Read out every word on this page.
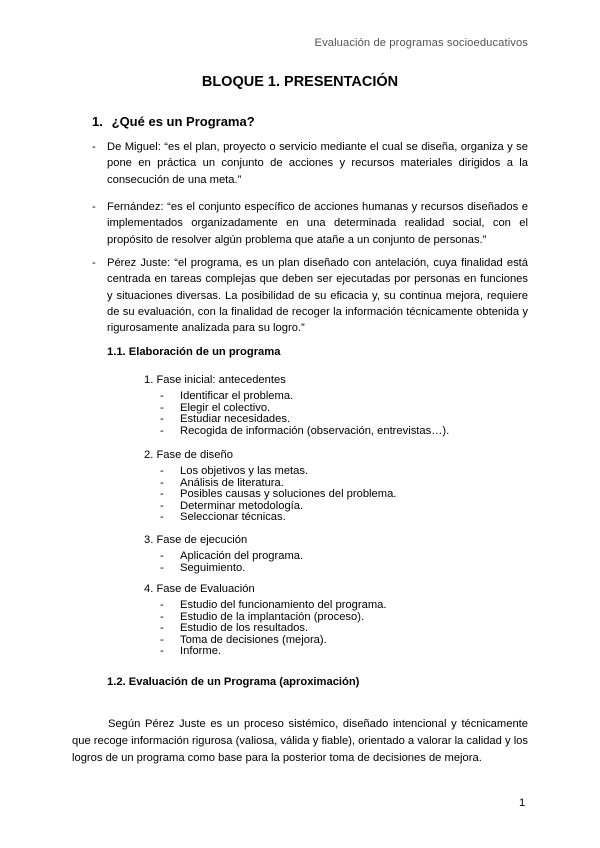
Evaluación de programas socioeducativos
BLOQUE 1. PRESENTACIÓN
1. ¿Qué es un Programa?
- De Miguel: “es el plan, proyecto o servicio mediante el cual se diseña, organiza y se pone en práctica un conjunto de acciones y recursos materiales dirigidos a la consecución de una meta.”
- Fernández: “es el conjunto específico de acciones humanas y recursos diseñados e implementados organizadamente en una determinada realidad social, con el propósito de resolver algún problema que atañe a un conjunto de personas.”
- Pérez Juste: “el programa, es un plan diseñado con antelación, cuya finalidad está centrada en tareas complejas que deben ser ejecutadas por personas en funciones y situaciones diversas. La posibilidad de su eficacia y, su continua mejora, requiere de su evaluación, con la finalidad de recoger la información técnicamente obtenida y rigurosamente analizada para su logro.”
1.1. Elaboración de un programa
1. Fase inicial: antecedentes
- Identificar el problema.
- Elegir el colectivo.
- Estudiar necesidades.
- Recogida de información (observación, entrevistas…).
2. Fase de diseño
- Los objetivos y las metas.
- Análisis de literatura.
- Posibles causas y soluciones del problema.
- Determinar metodología.
- Seleccionar técnicas.
3. Fase de ejecución
- Aplicación del programa.
- Seguimiento.
4. Fase de Evaluación
- Estudio del funcionamiento del programa.
- Estudio de la implantación (proceso).
- Estudio de los resultados.
- Toma de decisiones (mejora).
- Informe.
1.2. Evaluación de un Programa (aproximación)
Según Pérez Juste es un proceso sistémico, diseñado intencional y técnicamente que recoge información rigurosa (valiosa, válida y fiable), orientado a valorar la calidad y los logros de un programa como base para la posterior toma de decisiones de mejora.
1
